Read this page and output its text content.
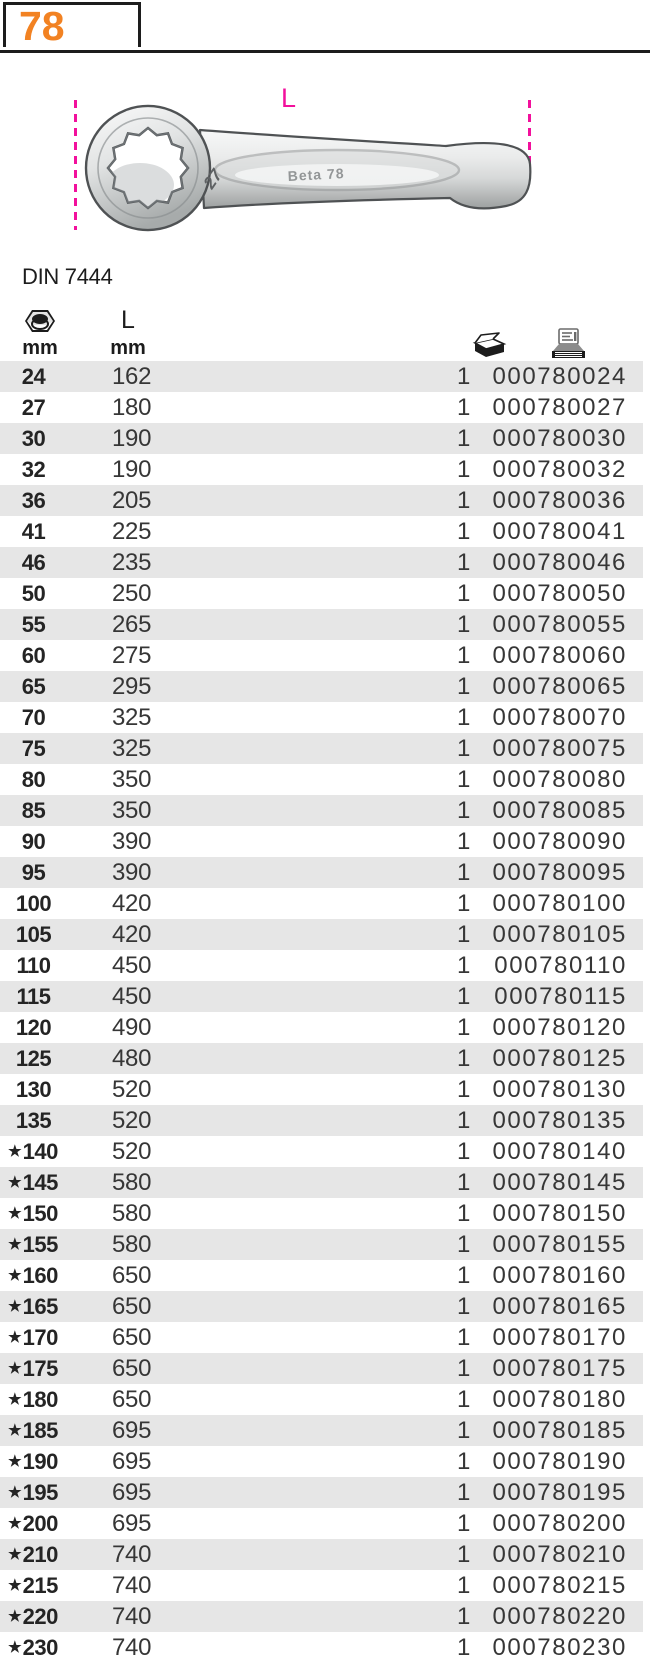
78
L
27	Beta 78
DIN 7444
mm
L
mm
24	162	1 000780024
27	180	1 000780027
30	190	1 000780030
32	190	1 000780032
36	205	1 000780036
41	225	1 000780041
46	235	1 000780046
50	250	1 000780050
55	265	1 000780055
60	275	1 000780060
65	295	1 000780065
70	325	1 000780070
75	325	1 000780075
80	350	1 000780080
85	350	1 000780085
90	390	1 000780090
95	390	1 000780095
100	420	1 000780100
105	420	1 000780105
110	450	1	000780110
115	450	1	000780115
120	490	1 000780120
125	480	1 000780125
130	520	1 000780130
135	520	1 000780135
★ 140 520	1 000780140
★ 145 580	1 000780145
★ 150 580	1 000780150
★ 155 580	1 000780155
★ 160 650	1 000780160
★ 165 650	1 000780165
★ 170 650	1 000780170
★ 175 650	1 000780175
★ 180 650	1 000780180
★ 185 695	1 000780185
★ 190 695	1 000780190
★ 195 695	1 000780195
★ 200 695	1 000780200
★ 210 740	1 000780210
★ 215 740	1 000780215
★ 220 740	1 000780220
★ 230 740	1 000780230
